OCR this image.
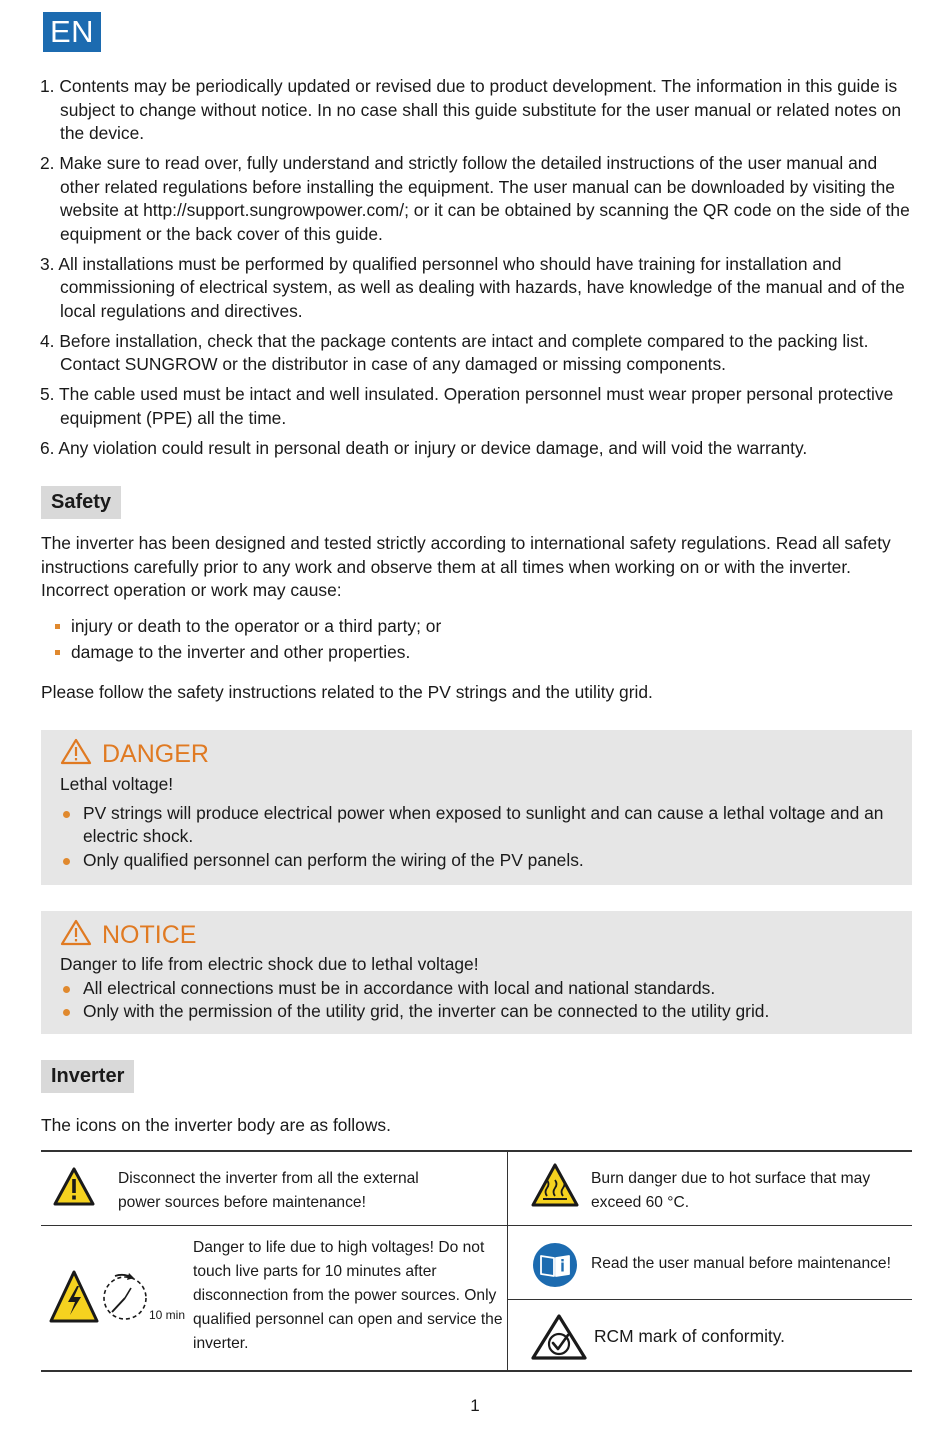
EN
1. Contents may be periodically updated or revised due to product development. The information in this guide is subject to change without notice. In no case shall this guide substitute for the user manual or related notes on the device.
2. Make sure to read over, fully understand and strictly follow the detailed instructions of the user manual and other related regulations before installing the equipment. The user manual can be downloaded by visiting the website at http://support.sungrowpower.com/; or it can be obtained by scanning the QR code on the side of the equipment or the back cover of this guide.
3. All installations must be performed by qualified personnel who should have training for installation and commissioning of electrical system, as well as dealing with hazards, have knowledge of the manual and of the local regulations and directives.
4. Before installation, check that the package contents are intact and complete compared to the packing list. Contact SUNGROW or the distributor in case of any damaged or missing components.
5. The cable used must be intact and well insulated. Operation personnel must wear proper personal protective equipment (PPE) all the time.
6. Any violation could result in personal death or injury or device damage, and will void the warranty.
Safety

The inverter has been designed and tested strictly according to international safety regulations. Read all safety instructions carefully prior to any work and observe them at all times when working on or with the inverter. Incorrect operation or work may cause:

injury or death to the operator or a third party; or
damage to the inverter and other properties.

Please follow the safety instructions related to the PV strings and the utility grid.

DANGER
Lethal voltage!
PV strings will produce electrical power when exposed to sunlight and can cause a lethal voltage and an electric shock.
Only qualified personnel can perform the wiring of the PV panels.
NOTICE
Danger to life from electric shock due to lethal voltage!
All electrical connections must be in accordance with local and national standards.
Only with the permission of the utility grid, the inverter can be connected to the utility grid.
Inverter

The icons on the inverter body are as follows.

Disconnect the inverter from all the external power sources before maintenance!
Burn danger due to hot surface that may exceed 60 °C.
10 min
Danger to life due to high voltages! Do not touch live parts for 10 minutes after disconnection from the power sources. Only qualified personnel can open and service the inverter.
Read the user manual before maintenance!
RCM mark of conformity.
1
